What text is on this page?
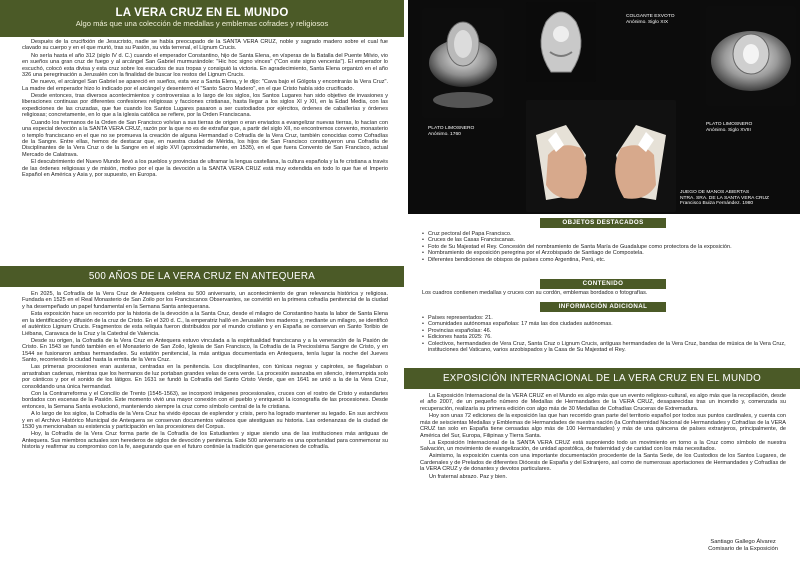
LA VERA CRUZ EN EL MUNDO
Algo más que una colección de medallas y emblemas cofrades y religiosos

Después de la crucifixión de Jesucristo, nadie se había preocupado de la SANTA VERA CRUZ, noble y sagrado madero sobre el cual fue clavado su cuerpo y en el que murió, tras su Pasión, su vida terrenal, el Lignum Crucis.

No sería hasta el año 312 (siglo IV d. C.) cuando el emperador Constantino, hijo de Santa Elena, en vísperas de la Batalla del Puente Milvio, vio en sueños una gran cruz de fuego y al arcángel San Gabriel murmurándole: "Hic hoc signo vinces" ("Con este signo vencerás"). El emperador lo escuchó, colocó esta divisa y esta cruz sobre los escudos de sus tropas y consiguió la victoria. En agradecimiento, Santa Elena organizó en el año 326 una peregrinación a Jerusalén con la finalidad de buscar los restos del Lignum Crucis.

De nuevo, el arcángel San Gabriel se apareció en sueños, esta vez a Santa Elena, y le dijo: "Cava bajo el Gólgota y encontrarás la Vera Cruz". La madre del emperador hizo lo indicado por el arcángel y desenterró el "Santo Sacro Madero", en el que Cristo había sido crucificado.

Desde entonces, tras diversos acontecimientos y controversias a lo largo de los siglos, los Santos Lugares han sido objetivo de invasiones y liberaciones continuas por diferentes confesiones religiosas y facciones cristianas, hasta llegar a los siglos XI y XII, en la Edad Media, con las expediciones de las cruzadas, que fue cuando los Santos Lugares pasaron a ser custodiados por ejércitos, órdenes de caballerías y órdenes religiosas; concretamente, en lo que a la iglesia católica se refiere, por la Orden Franciscana.

Cuando los hermanos de la Orden de San Francisco volvían a sus tierras de origen o eran enviados a evangelizar nuevas tierras, lo hacían con una especial devoción a la SANTA VERA CRUZ, razón por la que no es de extrañar que, a partir del siglo XII, no encontremos convento, monasterio o templo franciscano en el que no se promueva la creación de alguna Hermandad o Cofradía de la Vera Cruz, también conocidas como Cofradías de la Sangre. Entre ellas, hemos de destacar que, en nuestra ciudad de Mérida, los hijos de San Francisco constituyeron una Cofradía de Disciplinantes de la Vera Cruz o de la Sangre en el siglo XVI (aproximadamente, en 1535), en el que fuera Convento de San Francisco, actual Mercado de Calatrava.

El descubrimiento del Nuevo Mundo llevó a los pueblos y provincias de ultramar la lengua castellana, la cultura española y la fe cristiana a través de las órdenes religiosas y de misión, motivo por el que la devoción a la SANTA VERA CRUZ está muy extendida en todo lo que fue el Imperio Español en América y Asia y, por supuesto, en Europa.

500 AÑOS DE LA VERA CRUZ EN ANTEQUERA

En 2025, la Cofradía de la Vera Cruz de Antequera celebra su 500 aniversario, un acontecimiento de gran relevancia histórica y religiosa. Fundada en 1525 en el Real Monasterio de San Zoilo por los Franciscanos Observantes, se convirtió en la primera cofradía penitencial de la ciudad y ha desempeñado un papel fundamental en la Semana Santa antequerana.

Esta exposición hace un recorrido por la historia de la devoción a la Santa Cruz, desde el milagro de Constantino hasta la labor de Santa Elena en la identificación y difusión de la cruz de Cristo. En el 320 d. C., la emperatriz halló en Jerusalén tres maderos y, mediante un milagro, se identificó el auténtico Lignum Crucis. Fragmentos de esta reliquia fueron distribuidos por el mundo cristiano y en España se conservan en Santo Toribio de Liébana, Caravaca de la Cruz y la Catedral de Valencia.

Desde su origen, la Cofradía de la Vera Cruz en Antequera estuvo vinculada a la espiritualidad franciscana y a la veneración de la Pasión de Cristo. En 1543 se fundó también en el Monasterio de San Zoilo, Iglesia de San Francisco, la Cofradía de la Preciosísima Sangre de Cristo, y en 1544 se fusionaron ambas hermandades. Su estatión penitencial, la más antigua documentada en Antequera, tenía lugar la noche del Jueves Santo, recorriendo la ciudad hasta la ermita de la Vera Cruz.

Las primeras procesiones eran austeras, centradas en la penitencia. Los disciplinantes, con túnicas negras y capirotes, se flagelaban o arrastraban cadenas, mientras que los hermanos de luz portaban grandes velas de cera verde. La procesión avanzaba en silencio, interrumpida solo por cánticos y por el sonido de los látigos. En 1631 se fundó la Cofradía del Santo Cristo Verde, que en 1641 se unió a la de la Vera Cruz, consolidando una única hermandad.

Con la Contrarreforma y el Concilio de Trento (1545-1563), se incorporó imágenes procesionales, cruces con el rostro de Cristo y estandartes bordados con escenas de la Pasión. Este momento vivió una mayor conexión con el pueblo y enriqueció la iconografía de las procesiones. Desde entonces, la Semana Santa evolucionó, manteniendo siempre la cruz como símbolo central de la fe cristiana.

A lo largo de los siglos, la Cofradía de la Vera Cruz ha vivido épocas de esplendor y crisis, pero ha logrado mantener su legado. En sus archivos y en el Archivo Histórico Municipal de Antequera se conservan documentos valiosos que atestiguan su historia. Las ordenanzas de la ciudad de 1530 ya mencionaban su existencia y participación en las procesiones del Corpus.

Hoy, la Cofradía de la Vera Cruz forma parte de la Cofradía de los Estudiantes y sigue siendo una de las instituciones más antiguas de Antequera. Sus miembros actuales son herederos de siglos de devoción y penitencia. Este 500 aniversario es una oportunidad para conmemorar su historia y reafirmar su compromiso con la fe, asegurando que en el futuro continúe la tradición que generaciones de cofradía.

COLGANTE EXVOTO
Anónimo. Siglo XIX
PLATO LIMOSNERO
Anónimo. 1760
PLATO LIMOSNERO
Anónimo. Siglo XVIII
JUEGO DE MANOS ABIERTAS
NTRA. SRA. DE LA SANTA VERA CRUZ
Francisco Buiza Fernández. 1980
OBJETOS DESTACADOS
• Cruz pectoral del Papa Francisco.
• Cruces de las Casas Franciscanas.
• Foto de Su Majestad el Rey. Concesión del nombramiento de Santa María de Guadalupe como protectora de la exposición.
• Nombramiento de exposición peregrina por el Arzobispado de Santiago de Compostela.
• Diferentes bendiciones de obispos de países como Argentina, Perú, etc.
CONTENIDO
Los cuadros contienen medallas y cruces con su cordón, emblemas bordados o fotografías.
INFORMACIÓN ADICIONAL
• Países representados: 21.
• Comunidades autónomas españolas: 17 más las dos ciudades autónomas.
• Provincias españolas: 46.
• Ediciones hasta 2025: 76.
• Colectivos, hermandades de Vera Cruz, Santa Cruz o Lignum Crucis, antiguas hermandades de la Vera Cruz, bandas de música de la Vera Cruz, instituciones del Vaticano, varios arzobispados y la Casa de Su Majestad el Rey.
EXPOSICIÓN INTERNACIONAL DE LA VERA CRUZ EN EL MUNDO

La Exposición Internacional de la VERA CRUZ en el Mundo es algo más que un evento religioso-cultural, es algo más que la recopilación, desde el año 2007, de un pequeño número de Medallas de Hermandades de la VERA CRUZ, desaparecidas tras un incendio y, comenzada su recuperación, realizaría su primera edición con algo más de 30 Medallas de Cofradías Cruceras de Extremadura.

Hoy son unas 72 ediciones de la exposición las que han recorrido gran parte del territorio español por todos sus puntos cardinales, y cuenta con más de seiscientas Medallas y Emblemas de Hermandades de nuestra nación (la Confraternidad Nacional de Hermandades y Cofradías de la VERA CRUZ tan solo en España tiene censadas algo más de 100 Hermandades) y más de una quincena de países extranjeros, principalmente, de América del Sur, Europa, Filipinas y Tierra Santa.

La Exposición Internacional de la SANTA VERA CRUZ está suponiendo todo un movimiento en torno a la Cruz como símbolo de nuestra Salvación, un movimiento de evangelización, de unidad apostólica, de fraternidad y de caridad con los más necesitados.

Asimismo, la exposición cuenta con una importante documentación procedente de la Santa Sede, de los Custodios de los Santos Lugares, de Cardenales y de Prelados de diferentes Diócesis de España y del Extranjero, así como de numerosas aportaciones de Hermandades y Cofradías de la VERA CRUZ y de donantes y devotos particulares.

Un fraternal abrazo. Paz y bien.

Santiago Gallego Álvarez
Comisario de la Exposición
